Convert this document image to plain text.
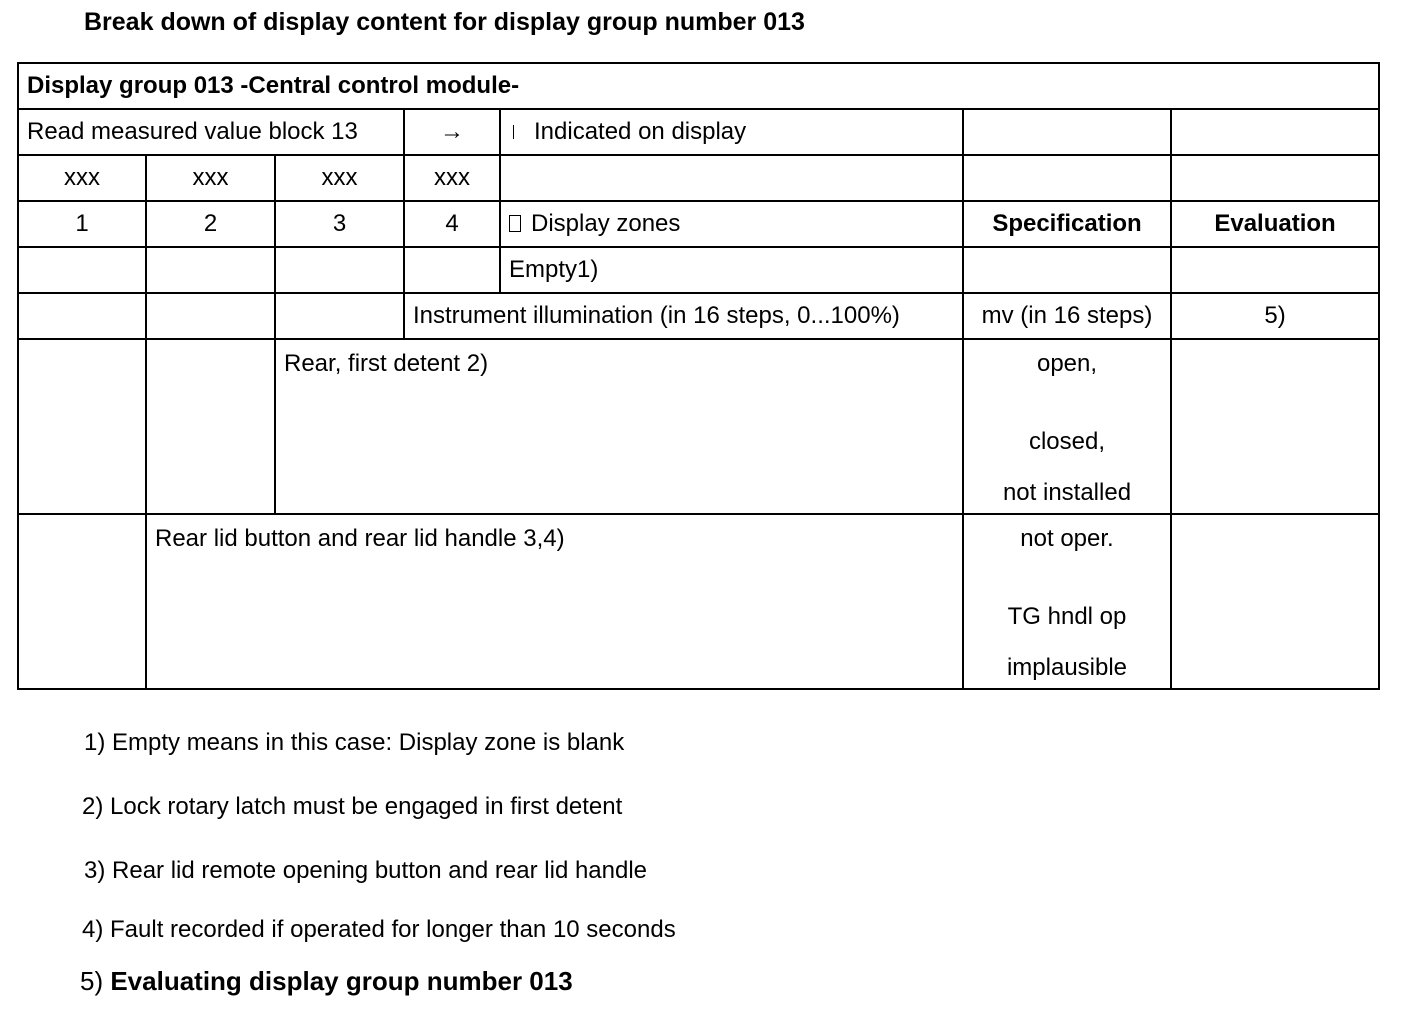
Break down of display content for display group number 013
Display group 013 -Central control module-						
Read measured value block 13			→	Indicated on display		
xxx	xxx	xxx	xxx			
1	2	3	4	Display zones	Specification	Evaluation
				Empty1)		
			Instrument illumination (in 16 steps, 0...100%)		mv (in 16 steps)	5)
		Rear, first detent 2)			open,
closed,
not installed	

	Rear lid button and rear lid handle 3,4)				not oper.
TG hndl op
implausible	

1) Empty means in this case: Display zone is blank
2) Lock rotary latch must be engaged in first detent
3) Rear lid remote opening button and rear lid handle
4) Fault recorded if operated for longer than 10 seconds
5) Evaluating display group number 013
